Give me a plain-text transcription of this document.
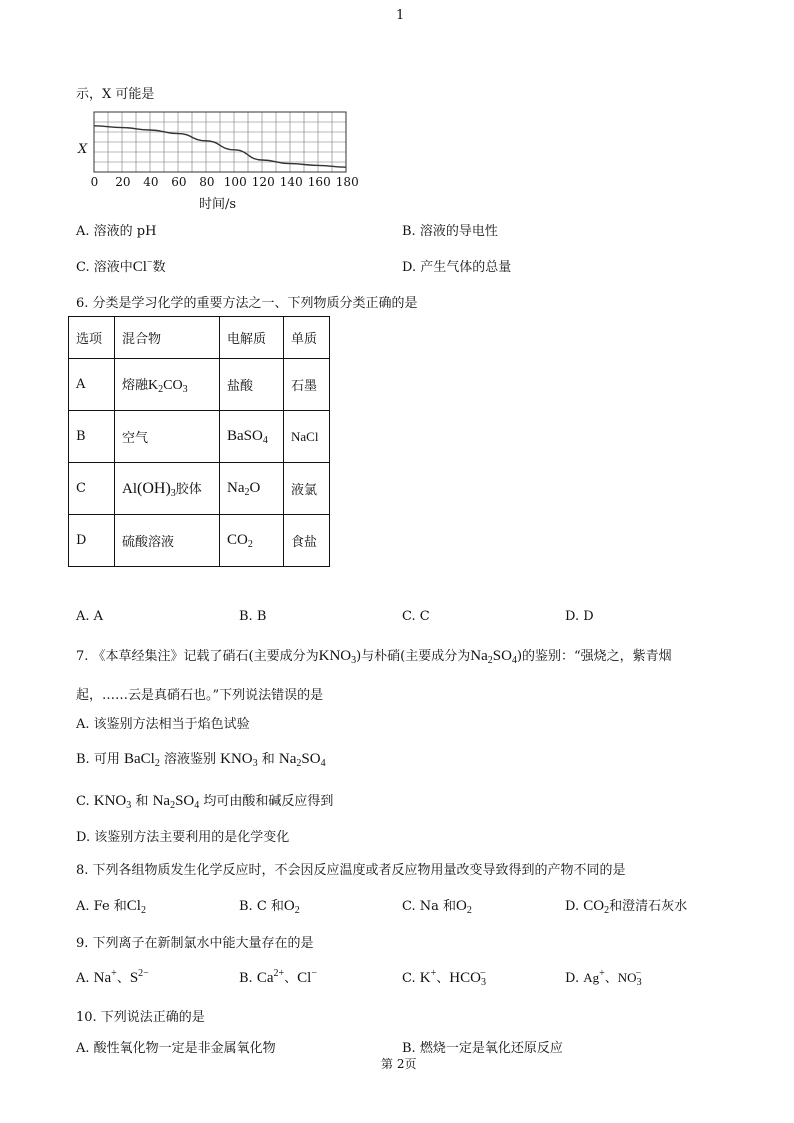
1
示，X 可能是
X
0 20 40 60 80 100 120 140 160 180
时间/s
A. 溶液的 pH	B. 溶液的导电性
C. 溶液中Cl−数	D. 产生气体的总量
6. 分类是学习化学的重要方法之一、下列物质分类正确的是
选项	混合物	电解质	单质
A	熔融$K_2CO_3$	盐酸	石墨
B	空气	BaSO$_4$	NaCl
C	$Al(OH)_3$胶体	$Na_2O$	液氯
D	硫酸溶液	$CO_2$	食盐
A. A	B. B	C. C	D. D
7. 《本草经集注》记载了硝石(主要成分为$KNO_3$)与朴硝(主要成分为$Na_2SO_4$)的鉴别：“强烧之，紫青烟
起，……云是真硝石也。”下列说法错误的是
A. 该鉴别方法相当于焰色试验
B. 可用 BaCl$_2$ 溶液鉴别 $KNO_3$ 和 $Na_2SO_4$
C. $KNO_3$ 和 $Na_2SO_4$ 均可由酸和碱反应得到
D. 该鉴别方法主要利用的是化学变化
8. 下列各组物质发生化学反应时，不会因反应温度或者反应物用量改变导致得到的产物不同的是
A. Fe 和$Cl_2$	B. C 和$O_2$	C. Na 和$O_2$	D. $CO_2$和澄清石灰水
9. 下列离子在新制氯水中能大量存在的是
A. Na+、$S^{2-}$	B. $Ca^{2+}$、Cl−	C. K+、$HCO_3^-$	D. Ag+、$NO_3^-$
10. 下列说法正确的是
A. 酸性氧化物一定是非金属氧化物	B. 燃烧一定是氧化还原反应
第 2页
